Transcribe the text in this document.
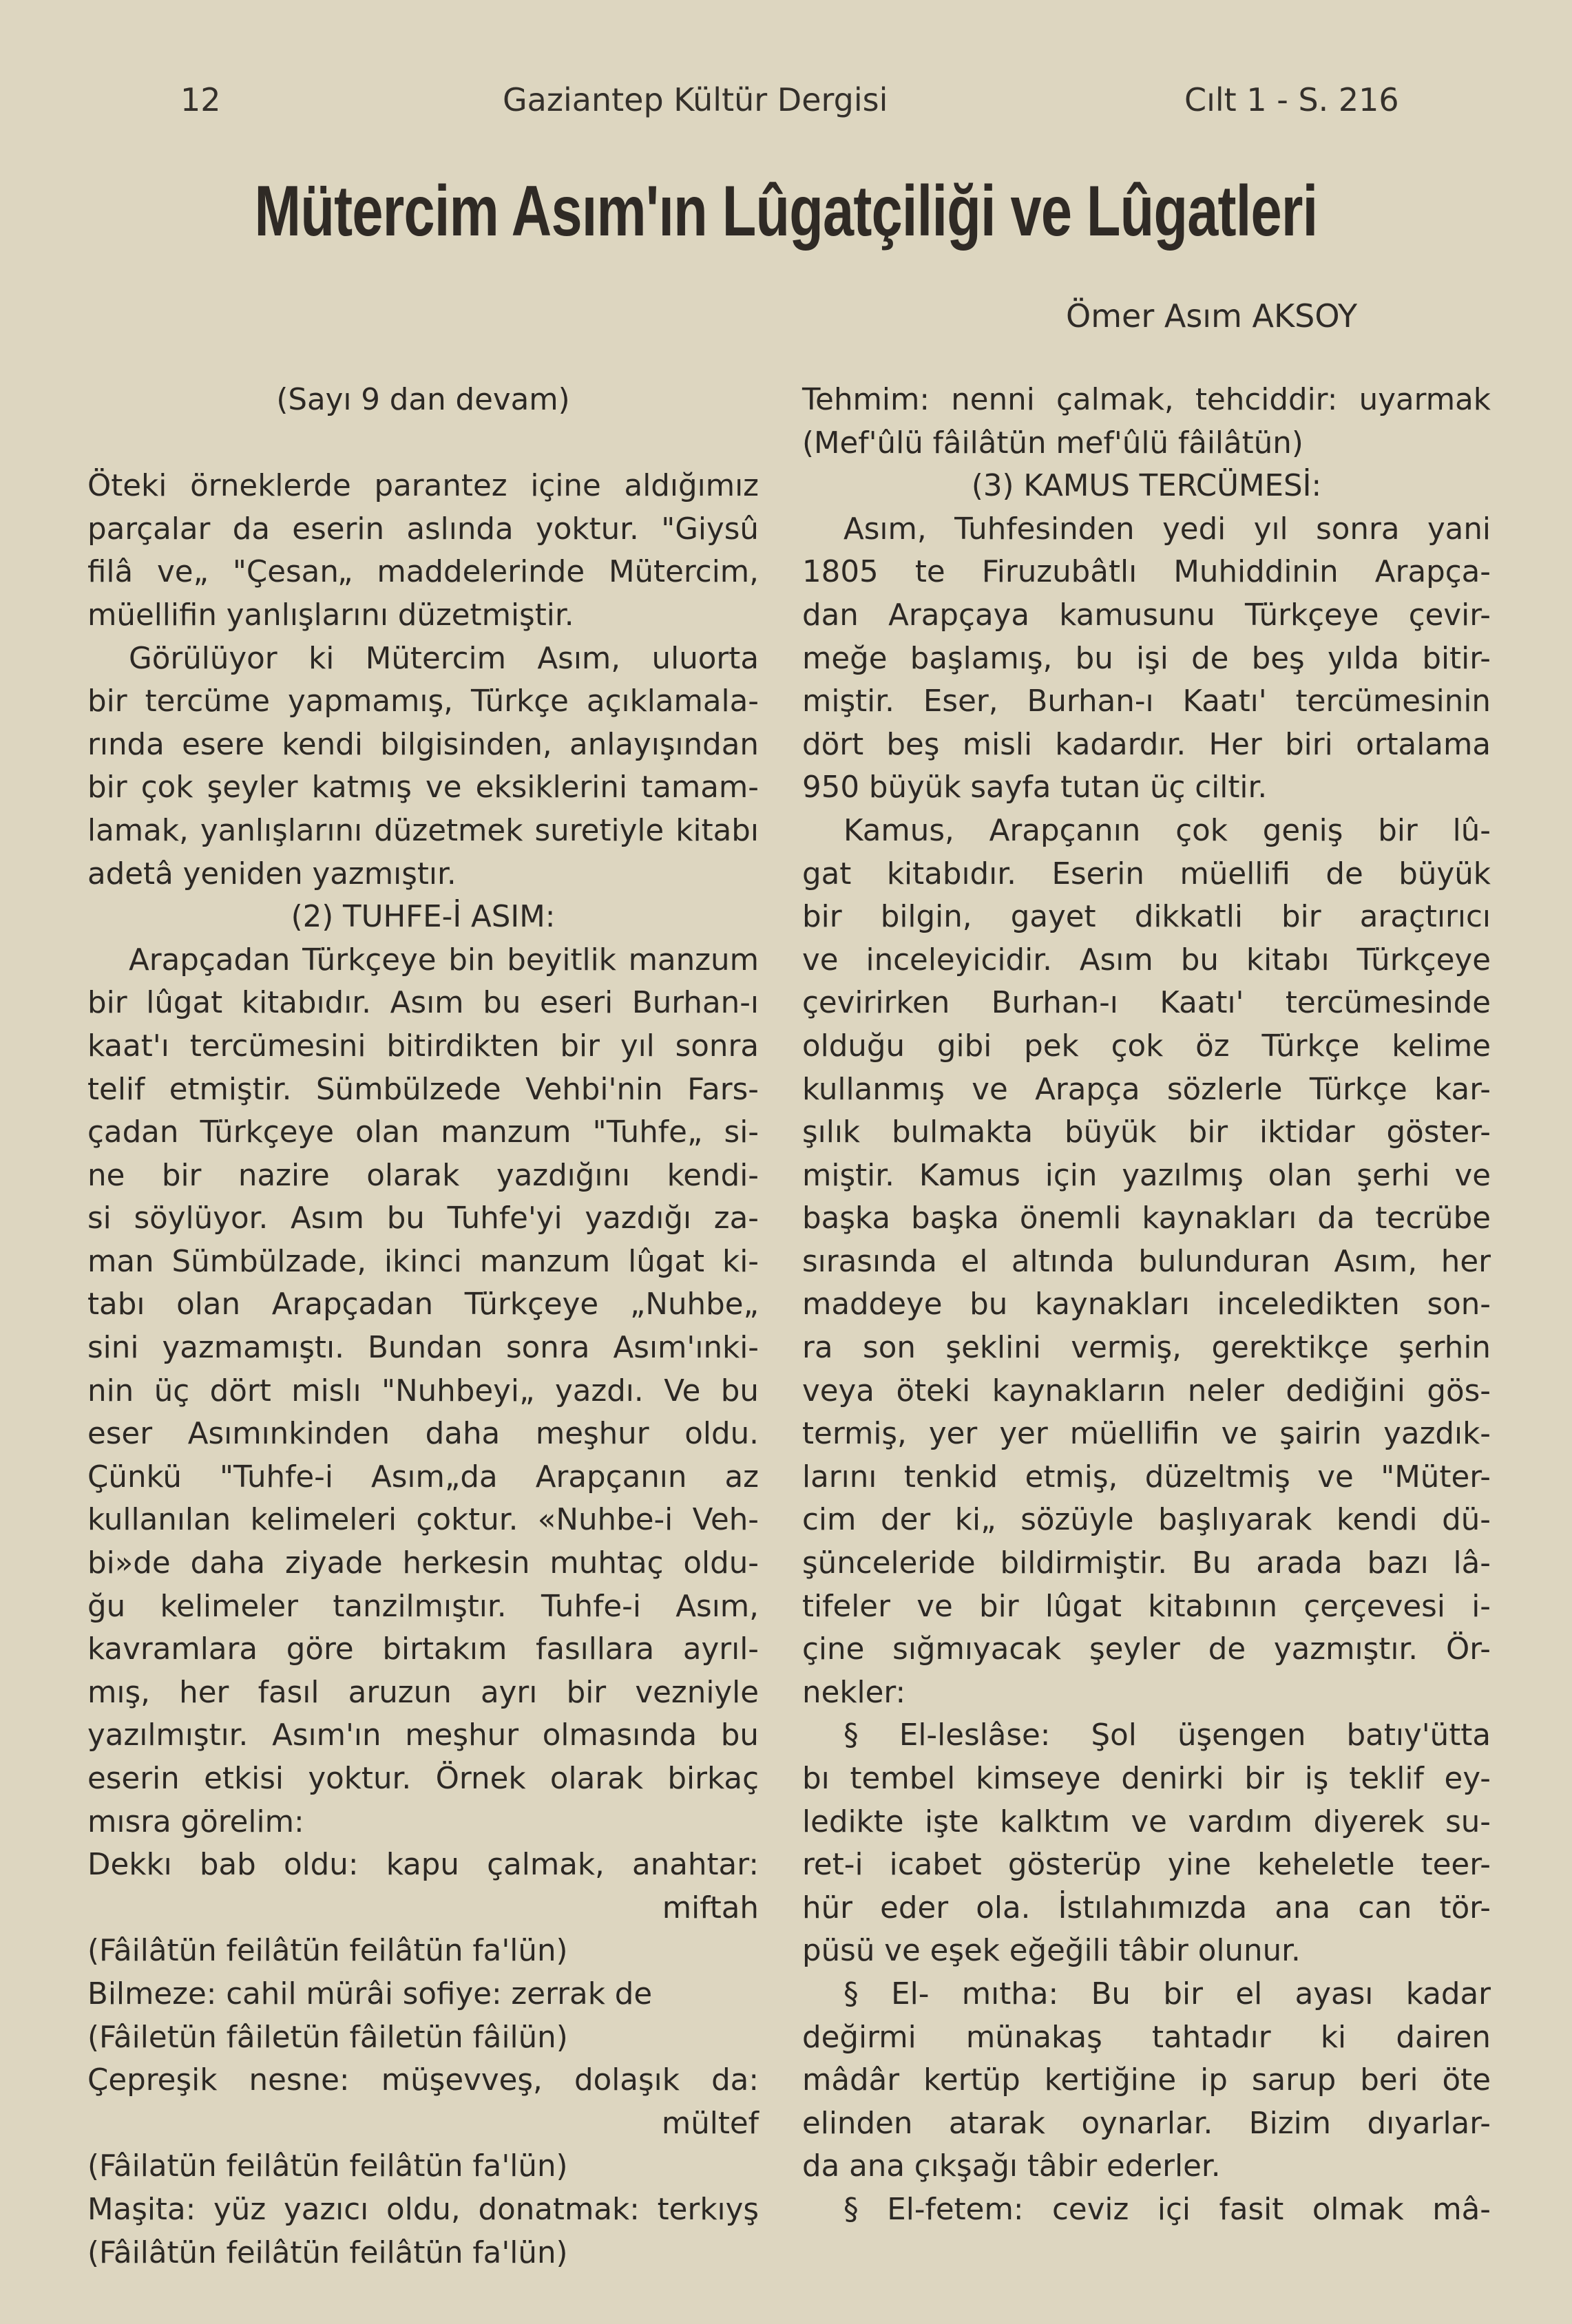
12	Gaziantep Kültür Dergisi	Cılt 1 - S. 216
Mütercim Asım'ın Lûgatçiliği ve Lûgatleri
Ömer Asım AKSOY
(Sayı 9 dan devam)
Öteki örneklerde parantez içine aldığımız
parçalar da eserin aslında yoktur. "Giysû
filâ ve„ "Çesan„ maddelerinde Mütercim,
müellifin yanlışlarını düzetmiştir.
Görülüyor ki Mütercim Asım, uluorta
bir tercüme yapmamış, Türkçe açıklamala-
rında esere kendi bilgisinden, anlayışından
bir çok şeyler katmış ve eksiklerini tamam-
lamak, yanlışlarını düzetmek suretiyle kitabı
adetâ yeniden yazmıştır.
(2) TUHFE-İ ASIM:
Arapçadan Türkçeye bin beyitlik manzum
bir lûgat kitabıdır. Asım bu eseri Burhan-ı
kaat'ı tercümesini bitirdikten bir yıl sonra
telif etmiştir. Sümbülzede Vehbi'nin Fars-
çadan Türkçeye olan manzum "Tuhfe„ si-
ne bir nazire olarak yazdığını kendi-
si söylüyor. Asım bu Tuhfe'yi yazdığı za-
man Sümbülzade, ikinci manzum lûgat ki-
tabı olan Arapçadan Türkçeye „Nuhbe„
sini yazmamıştı. Bundan sonra Asım'ınki-
nin üç dört mislı "Nuhbeyi„ yazdı. Ve bu
eser Asımınkinden daha meşhur oldu.
Çünkü "Tuhfe-i Asım„da Arapçanın az
kullanılan kelimeleri çoktur. «Nuhbe-i Veh-
bi»de daha ziyade herkesin muhtaç oldu-
ğu kelimeler tanzilmıştır. Tuhfe-i Asım,
kavramlara göre birtakım fasıllara ayrıl-
mış, her fasıl aruzun ayrı bir vezniyle
yazılmıştır. Asım'ın meşhur olmasında bu
eserin etkisi yoktur. Örnek olarak birkaç
mısra görelim:
Dekkı bab oldu: kapu çalmak, anahtar:
miftah
(Fâilâtün feilâtün feilâtün fa'lün)
Bilmeze: cahil mürâi sofiye: zerrak de
(Fâiletün fâiletün fâiletün fâilün)
Çepreşik nesne: müşevveş, dolaşık da:
mültef
(Fâilatün feilâtün feilâtün fa'lün)
Maşita: yüz yazıcı oldu, donatmak: terkıyş
(Fâilâtün feilâtün feilâtün fa'lün)
Tehmim: nenni çalmak, tehciddir: uyarmak
(Mef'ûlü fâilâtün mef'ûlü fâilâtün)
(3) KAMUS TERCÜMESİ:
Asım, Tuhfesinden yedi yıl sonra yani
1805 te Firuzubâtlı Muhiddinin Arapça-
dan Arapçaya kamusunu Türkçeye çevir-
meğe başlamış, bu işi de beş yılda bitir-
miştir. Eser, Burhan-ı Kaatı' tercümesinin
dört beş misli kadardır. Her biri ortalama
950 büyük sayfa tutan üç ciltir.
Kamus, Arapçanın çok geniş bir lû-
gat kitabıdır. Eserin müellifi de büyük
bir bilgin, gayet dikkatli bir araçtırıcı
ve inceleyicidir. Asım bu kitabı Türkçeye
çevirirken Burhan-ı Kaatı' tercümesinde
olduğu gibi pek çok öz Türkçe kelime
kullanmış ve Arapça sözlerle Türkçe kar-
şılık bulmakta büyük bir iktidar göster-
miştir. Kamus için yazılmış olan şerhi ve
başka başka önemli kaynakları da tecrübe
sırasında el altında bulunduran Asım, her
maddeye bu kaynakları inceledikten son-
ra son şeklini vermiş, gerektikçe şerhin
veya öteki kaynakların neler dediğini gös-
termiş, yer yer müellifin ve şairin yazdık-
larını tenkid etmiş, düzeltmiş ve "Müter-
cim der ki„ sözüyle başlıyarak kendi dü-
şünceleride bildirmiştir. Bu arada bazı lâ-
tifeler ve bir lûgat kitabının çerçevesi i-
çine sığmıyacak şeyler de yazmıştır. Ör-
nekler:
§ El-leslâse: Şol üşengen batıy'ütta
bı tembel kimseye denirki bir iş teklif ey-
ledikte işte kalktım ve vardım diyerek su-
ret-i icabet gösterüp yine keheletle teer-
hür eder ola. İstılahımızda ana can tör-
püsü ve eşek eğeğili tâbir olunur.
§ El- mıtha: Bu bir el ayası kadar
değirmi münakaş tahtadır ki dairen
mâdâr kertüp kertiğine ip sarup beri öte
elinden atarak oynarlar. Bizim dıyarlar-
da ana çıkşağı tâbir ederler.
§ El-fetem: ceviz içi fasit olmak mâ-
